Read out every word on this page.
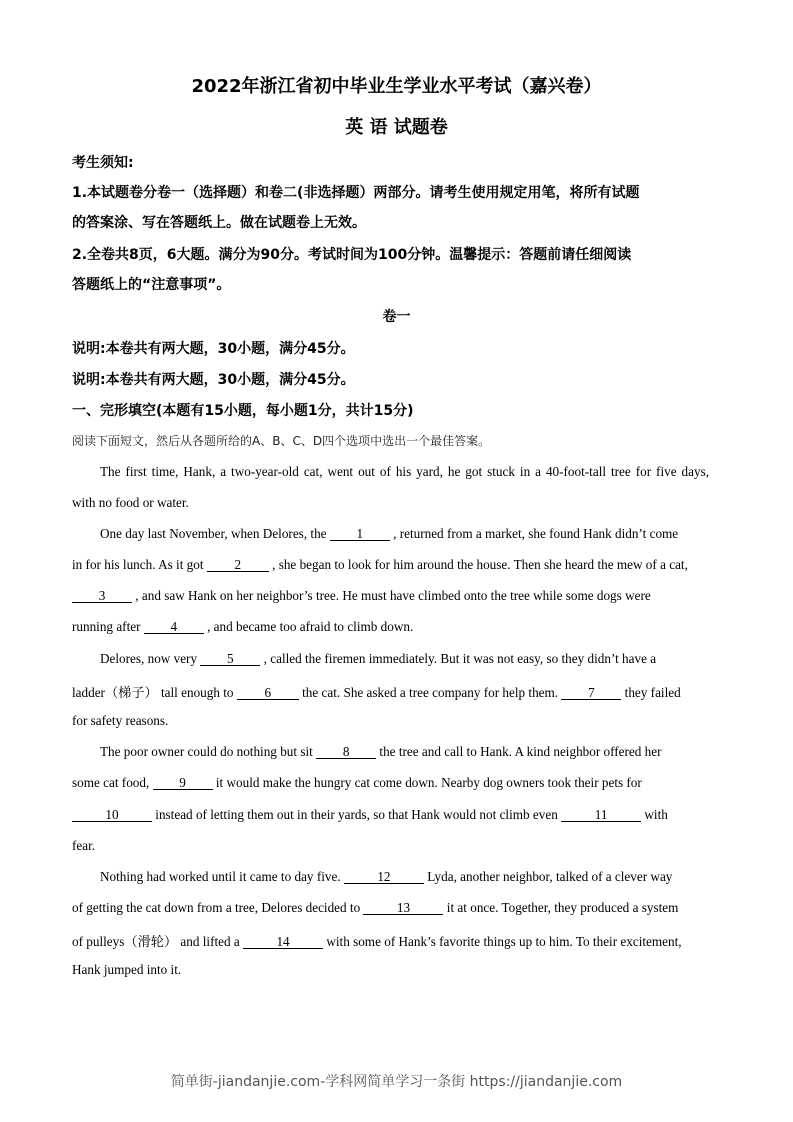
2022年浙江省初中毕业生学业水平考试（嘉兴卷）
英 语 试题卷
考生须知:
1.本试题卷分卷一（选择题）和卷二(非选择题）两部分。请考生使用规定用笔，将所有试题
的答案涂、写在答题纸上。做在试题卷上无效。
2.全卷共8页，6大题。满分为90分。考试时间为100分钟。温馨提示：答题前请任细阅读
答题纸上的“注意事项”。
卷一
说明:本卷共有两大题，30小题，满分45分。
说明:本卷共有两大题，30小题，满分45分。
一、完形填空(本题有15小题，每小题1分，共计15分)
阅读下面短文，然后从各题所给的A、B、C、D四个选项中选出一个最佳答案。
The first time, Hank, a two-year-old cat, went out of his yard, he got stuck in a 40-foot-tall tree for five days,
with no food or water.
One day last November, when Delores, the 1 , returned from a market, she found Hank didn’t come
in for his lunch. As it got 2 , she began to look for him around the house. Then she heard the mew of a cat,
3 , and saw Hank on her neighbor’s tree. He must have climbed onto the tree while some dogs were
running after 4 , and became too afraid to climb down.
Delores, now very 5 , called the firemen immediately. But it was not easy, so they didn’t have a
ladder（梯子） tall enough to 6 the cat. She asked a tree company for help them. 7 they failed
for safety reasons.
The poor owner could do nothing but sit 8 the tree and call to Hank. A kind neighbor offered her
some cat food, 9 it would make the hungry cat come down. Nearby dog owners took their pets for
10	instead of letting them out in their yards, so that Hank would not climb even	11	with
fear.
Nothing had worked until it came to day five.	12	Lyda, another neighbor, talked of a clever way
of getting the cat down from a tree, Delores decided to	13	it at once. Together, they produced a system
of pulleys（滑轮） and lifted a	14	with some of Hank’s favorite things up to him. To their excitement,
Hank jumped into it.
简单街-jiandanjie.com-学科网简单学习一条街 https://jiandanjie.com
